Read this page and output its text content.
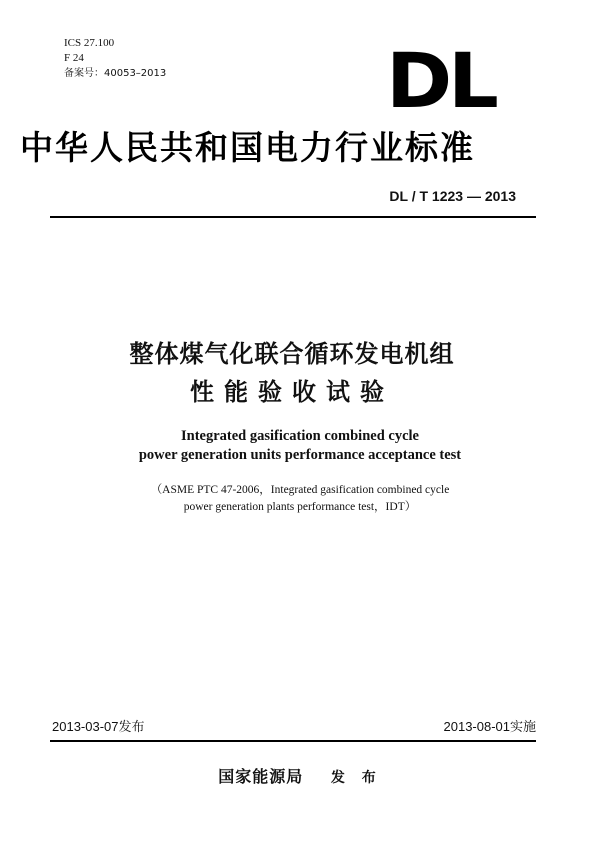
ICS 27.100
F 24
备案号：40053–2013	DL
中华人民共和国电力行业标准
DL / T 1223 — 2013
整体煤气化联合循环发电机组
性能验收试验
Integrated gasification combined cycle
power generation units performance acceptance test
（ASME PTC 47-2006，Integrated gasification combined cycle
power generation plants performance test，IDT）
2013-03-07发布	2013-08-01实施
国家能源局 发 布
